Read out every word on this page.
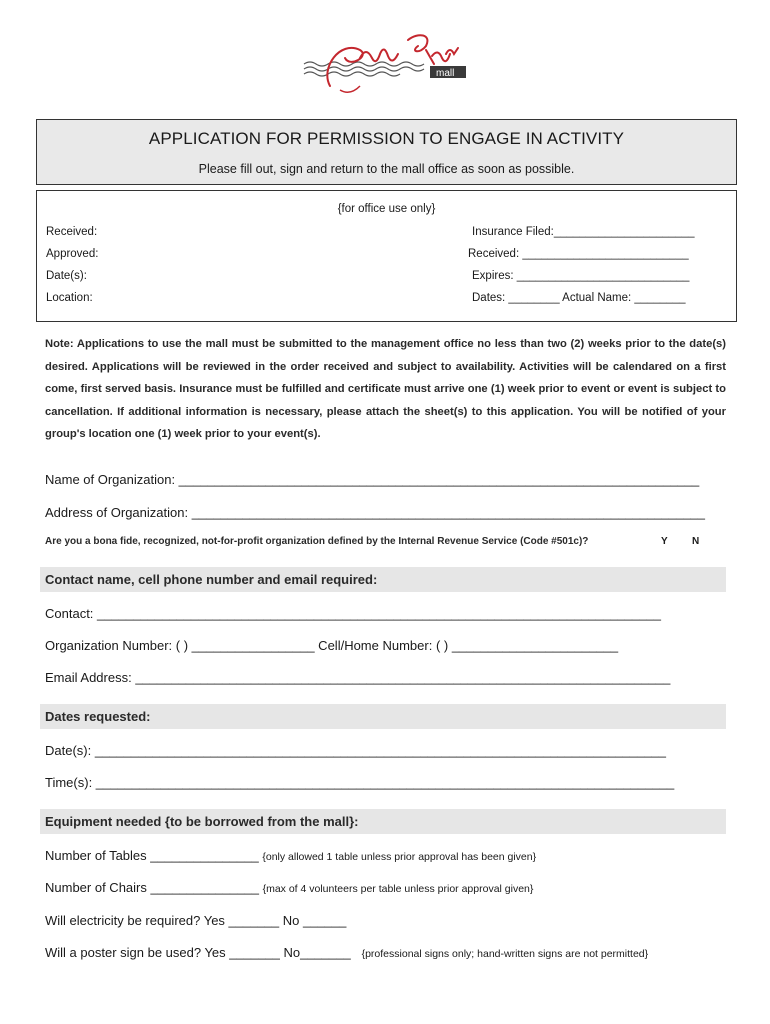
mall
APPLICATION FOR PERMISSION TO ENGAGE IN ACTIVITY
Please fill out, sign and return to the mall office as soon as possible.
{for office use only}
Received:
Approved:
Date(s):
Location:
Insurance Filed:______________________
Received: __________________________
Expires: ___________________________
Dates: ________ Actual Name: ________
Note: Applications to use the mall must be submitted to the management office no less than two (2) weeks prior to the date(s) desired. Applications will be reviewed in the order received and subject to availability. Activities will be calendared on a first come, first served basis. Insurance must be fulfilled and certificate must arrive one (1) week prior to event or event is subject to cancellation. If additional information is necessary, please attach the sheet(s) to this application. You will be notified of your group's location one (1) week prior to your event(s).
Name of Organization: ________________________________________________________________________
Address of Organization: _______________________________________________________________________
Are you a bona fide, recognized, not-for-profit organization defined by the Internal Revenue Service (Code #501c)?	Y N
Contact name, cell phone number and email required:
Contact: ______________________________________________________________________________
Organization Number: ( ) _________________ Cell/Home Number: ( ) _______________________
Email Address: __________________________________________________________________________
Dates requested:
Date(s): _______________________________________________________________________________
Time(s): ________________________________________________________________________________
Equipment needed {to be borrowed from the mall}:
Number of Tables _______________ {only allowed 1 table unless prior approval has been given}
Number of Chairs _______________ {max of 4 volunteers per table unless prior approval given}
Will electricity be required? Yes _______ No ______
Will a poster sign be used? Yes _______ No_______ {professional signs only; hand-written signs are not permitted}
